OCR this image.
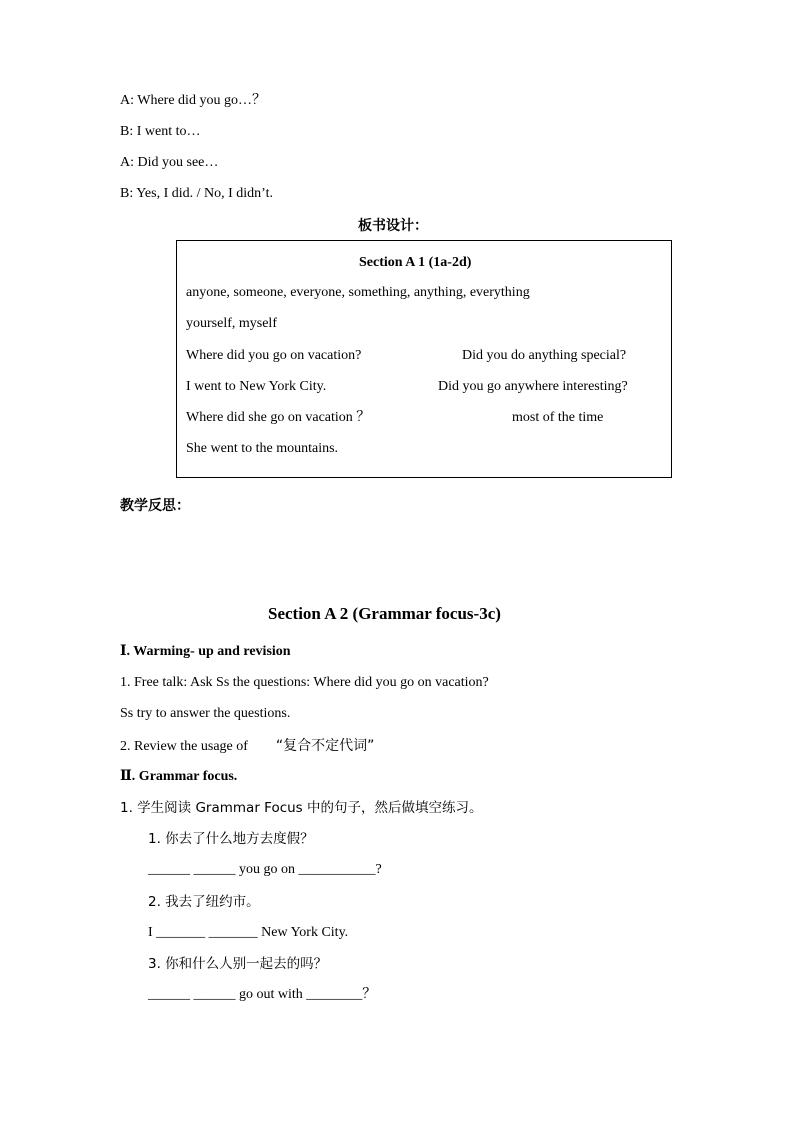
A: Where did you go…？
B: I went to…
A: Did you see…
B: Yes, I did. / No, I didn’t.
板书设计：
Section A 1 (1a-2d)
anyone, someone, everyone, something, anything, everything
yourself, myself
Where did you go on vacation?	Did you do anything special?
I went to New York City.	Did you go anywhere interesting?
Where did she go on vacation ？	most of the time
She went to the mountains.
教学反思：
Section A 2 (Grammar focus-3c)
Ⅰ. Warming- up and revision
1. Free talk: Ask Ss the questions: Where did you go on vacation?
Ss try to answer the questions.
2. Review the usage of “复合不定代词”
Ⅱ. Grammar focus.
1. 学生阅读 Grammar Focus 中的句子，然后做填空练习。
1. 你去了什么地方去度假？
______ ______ you go on ___________?
2. 我去了纽约市。
I _______ _______ New York City.
3. 你和什么人别一起去的吗？
______ ______ go out with ________？
